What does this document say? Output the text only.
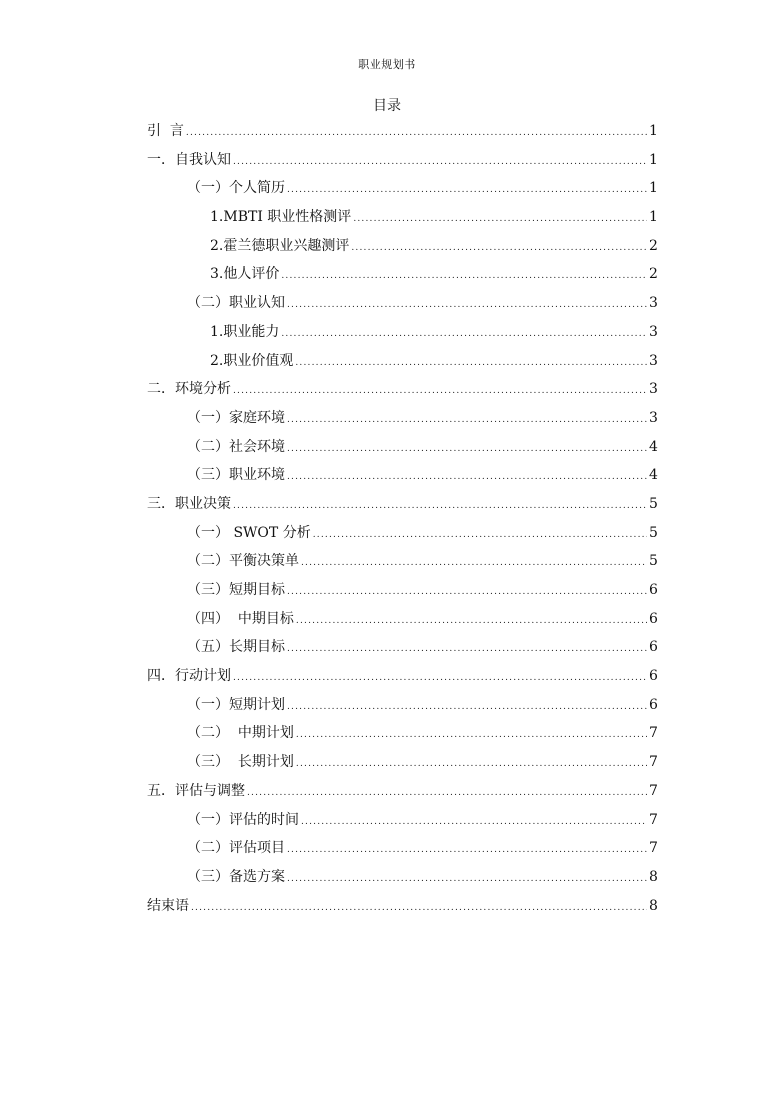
职业规划书
目录
引  言 .....	1
一．自我认知 .....	1
（一）个人简历 .....	1
1.MBTI 职业性格测评 .....	1
2.霍兰德职业兴趣测评 .....	2
3.他人评价 .....	2
（二）职业认知 .....	3
1.职业能力 .....	3
2.职业价值观 .....	3
二．环境分析 .....	3
（一）家庭环境 .....	3
（二）社会环境 .....	4
（三）职业环境 .....	4
三．职业决策 .....	5
（一） SWOT 分析 .....	5
（二）平衡决策单 .....	5
（三）短期目标 .....	6
（四）  中期目标 .....	6
（五）长期目标 .....	6
四．行动计划 .....	6
（一）短期计划 .....	6
（二）  中期计划 .....	7
（三）  长期计划 .....	7
五．评估与调整 .....	7
（一）评估的时间 .....	7
（二）评估项目 .....	7
（三）备选方案 .....	8
结束语 .....	8
